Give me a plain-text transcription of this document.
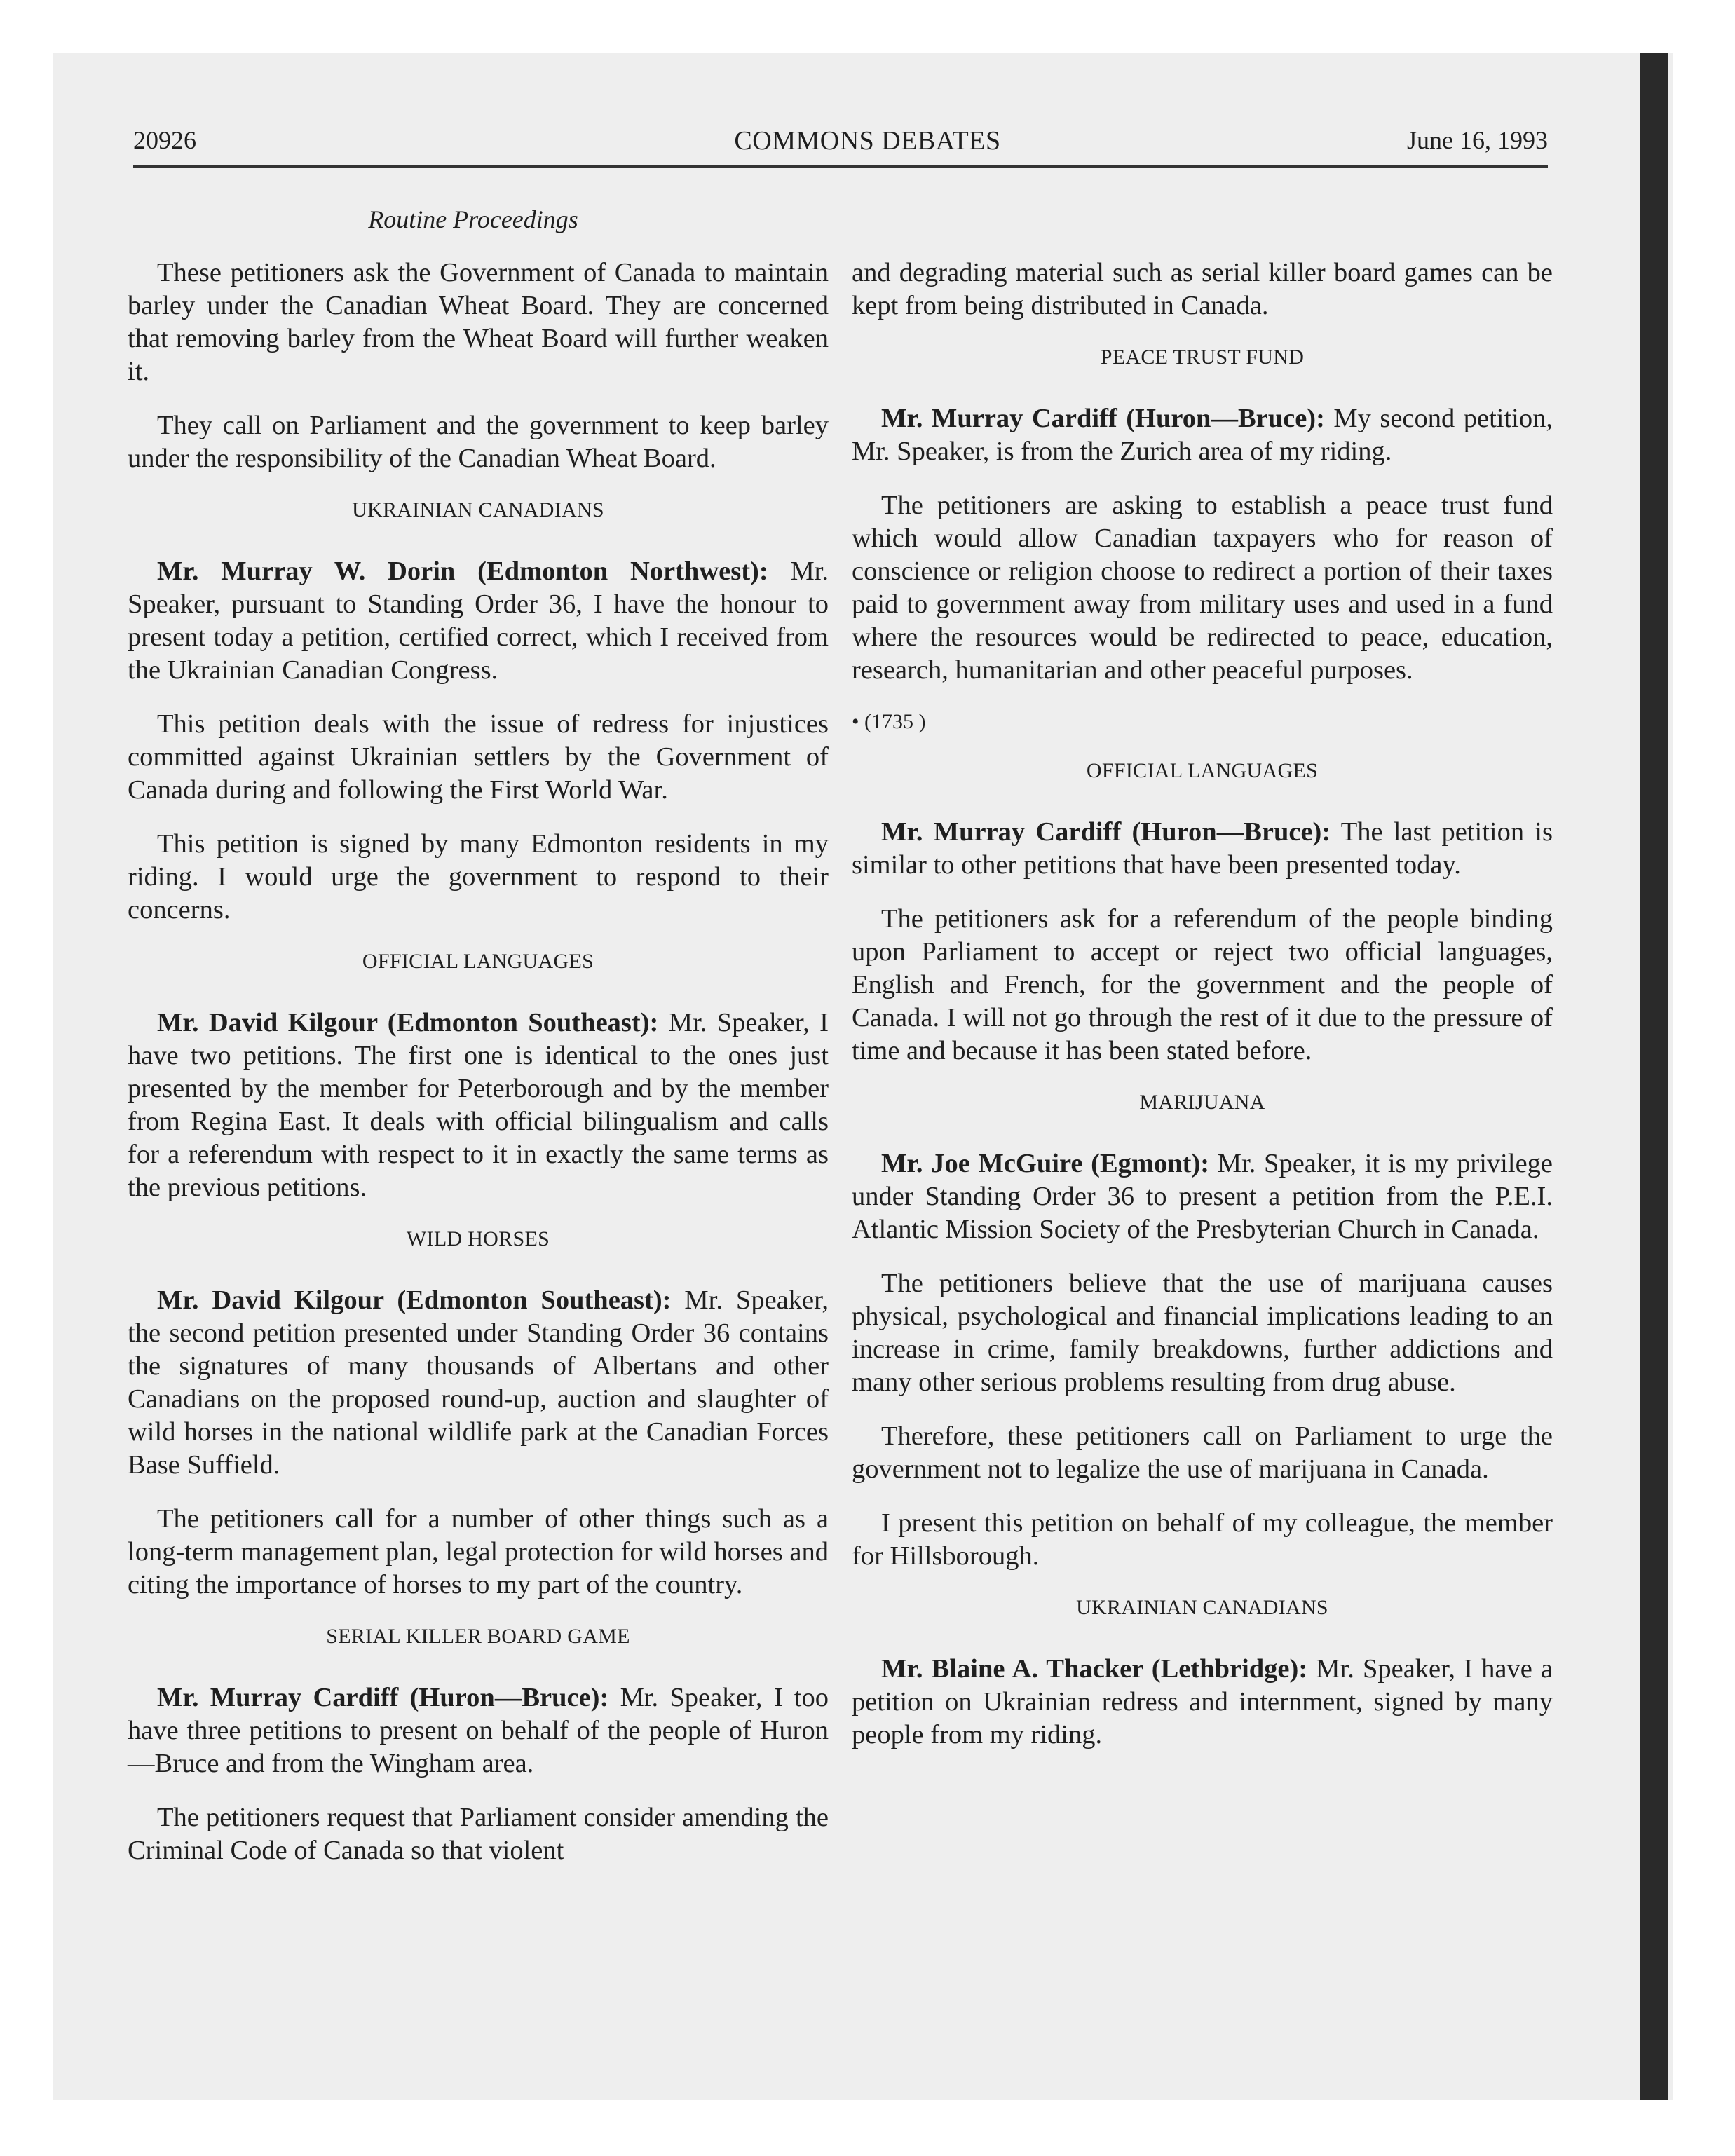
20926	COMMONS DEBATES	June 16, 1993
Routine Proceedings

These petitioners ask the Government of Canada to maintain barley under the Canadian Wheat Board. They are concerned that removing barley from the Wheat Board will further weaken it.

They call on Parliament and the government to keep barley under the responsibility of the Canadian Wheat Board.

UKRAINIAN CANADIANS

Mr. Murray W. Dorin (Edmonton Northwest): Mr. Speaker, pursuant to Standing Order 36, I have the honour to present today a petition, certified correct, which I received from the Ukrainian Canadian Congress.

This petition deals with the issue of redress for injustices committed against Ukrainian settlers by the Government of Canada during and following the First World War.

This petition is signed by many Edmonton residents in my riding. I would urge the government to respond to their concerns.

OFFICIAL LANGUAGES

Mr. David Kilgour (Edmonton Southeast): Mr. Speaker, I have two petitions. The first one is identical to the ones just presented by the member for Peterborough and by the member from Regina East. It deals with official bilingualism and calls for a referendum with respect to it in exactly the same terms as the previous petitions.

WILD HORSES

Mr. David Kilgour (Edmonton Southeast): Mr. Speaker, the second petition presented under Standing Order 36 contains the signatures of many thousands of Albertans and other Canadians on the proposed round-up, auction and slaughter of wild horses in the national wildlife park at the Canadian Forces Base Suffield.

The petitioners call for a number of other things such as a long-term management plan, legal protection for wild horses and citing the importance of horses to my part of the country.

SERIAL KILLER BOARD GAME

Mr. Murray Cardiff (Huron—Bruce): Mr. Speaker, I too have three petitions to present on behalf of the people of Huron—Bruce and from the Wingham area.

The petitioners request that Parliament consider amending the Criminal Code of Canada so that violent

and degrading material such as serial killer board games can be kept from being distributed in Canada.

PEACE TRUST FUND

Mr. Murray Cardiff (Huron—Bruce): My second petition, Mr. Speaker, is from the Zurich area of my riding.

The petitioners are asking to establish a peace trust fund which would allow Canadian taxpayers who for reason of conscience or religion choose to redirect a portion of their taxes paid to government away from military uses and used in a fund where the resources would be redirected to peace, education, research, humanitarian and other peaceful purposes.

• (1735 )
OFFICIAL LANGUAGES

Mr. Murray Cardiff (Huron—Bruce): The last petition is similar to other petitions that have been presented today.

The petitioners ask for a referendum of the people binding upon Parliament to accept or reject two official languages, English and French, for the government and the people of Canada. I will not go through the rest of it due to the pressure of time and because it has been stated before.

MARIJUANA

Mr. Joe McGuire (Egmont): Mr. Speaker, it is my privilege under Standing Order 36 to present a petition from the P.E.I. Atlantic Mission Society of the Presbyterian Church in Canada.

The petitioners believe that the use of marijuana causes physical, psychological and financial implications leading to an increase in crime, family breakdowns, further addictions and many other serious problems resulting from drug abuse.

Therefore, these petitioners call on Parliament to urge the government not to legalize the use of marijuana in Canada.

I present this petition on behalf of my colleague, the member for Hillsborough.

UKRAINIAN CANADIANS

Mr. Blaine A. Thacker (Lethbridge): Mr. Speaker, I have a petition on Ukrainian redress and internment, signed by many people from my riding.
